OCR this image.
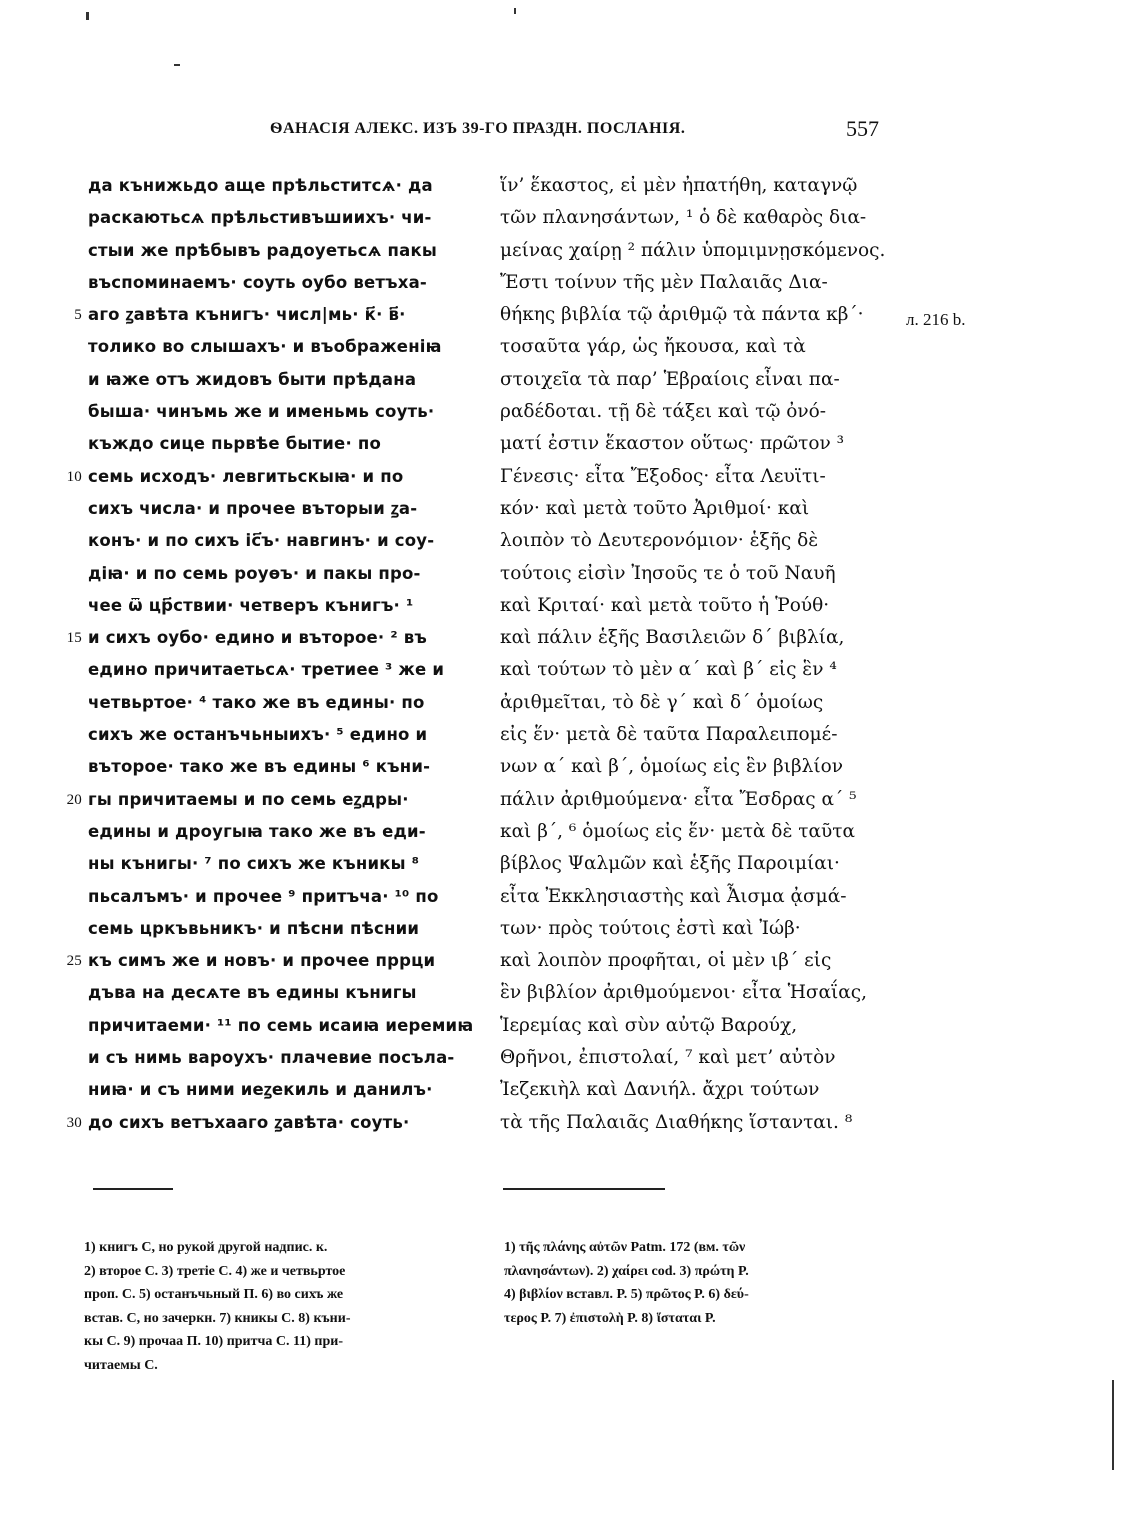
ѲАНАСІЯ АЛЕКС. ИЗЪ 39-ГО ПРАЗДН. ПОСЛАНІЯ.	557
да кънижьдо аще прѣльститсѧ· да
раскаютьсѧ прѣльстивъшиихъ· чи-
стыи же прѣбывъ радоуетьсѧ пакы
въспоминаемъ· соуть оубо ветъха-
5 аго ꙁавѣта кънигъ· числ|мь· к҃· в҃·
толико во слышахъ· и въображеніꙗ
и ꙗже отъ жидовъ быти прѣдана
быша· чинъмь же и именьмь соуть·
къждо сице пьрвѣе бытие· по
10 семь исходъ· левгитьскыꙗ· и по
сихъ числа· и прочее въторыи ꙁа-
конъ· и по сихъ іс҃ъ· навгинъ· и соу-
діꙗ· и по семь роуѳъ· и пакы про-
чее ѿ цр҃ствии· четверъ кънигъ· ¹
15 и сихъ оубо· едино и въторое· ² въ
едино причитаетьсѧ· третиее ³ же и
четвьртое· ⁴ тако же въ едины· по
сихъ же останъчьныихъ· ⁵ едино и
въторое· тако же въ едины ⁶ къни-
20 гы причитаемы и по семь еꙁдры·
едины и дроугыꙗ тако же въ еди-
ны кънигы· ⁷ по сихъ же къникы ⁸
пьсалъмъ· и прочее ⁹ притъча· ¹⁰ по
семь цркъвьникъ· и пѣсни пѣснии
25 къ симъ же и новъ· и прочее пррци
дъва на десѧте въ едины кънигы
причитаеми· ¹¹ по семь исаиꙗ иеремиꙗ
и съ нимь вароухъ· плачевие посъла-
ниꙗ· и съ ними иеꙁекиль и данилъ·
30 до сихъ ветъхаaго ꙁавѣта· соуть·
ἵν’ ἕκαστος, εἰ μὲν ἠπατήθη, καταγνῷ
τῶν πλανησάντων, ¹ ὁ δὲ καθαρὸς δια-
μείνας χαίρῃ ² πάλιν ὑπομιμνῃσκόμενος.
Ἔστι τοίνυν τῆς μὲν Παλαιᾶς Δια-
θήκης βιβλία τῷ ἀριθμῷ τὰ πάντα κβ´·
τοσαῦτα γάρ, ὡς ἤκουσα, καὶ τὰ
στοιχεῖα τὰ παρ’ Ἑβραίοις εἶναι πα-
ραδέδοται. τῇ δὲ τάξει καὶ τῷ ὀνό-
ματί ἐστιν ἕκαστον οὕτως· πρῶτον ³
Γένεσις· εἶτα Ἔξοδος· εἶτα Λευϊτι-
κόν· καὶ μετὰ τοῦτο Ἀριθμοί· καὶ
λοιπὸν τὸ Δευτερονόμιον· ἑξῆς δὲ
τούτοις εἰσὶν Ἰησοῦς τε ὁ τοῦ Ναυῆ
καὶ Κριταί· καὶ μετὰ τοῦτο ἡ Ῥούθ·
καὶ πάλιν ἑξῆς Βασιλειῶν δ´ βιβλία,
καὶ τούτων τὸ μὲν α´ καὶ β´ εἰς ἓν ⁴
ἀριθμεῖται, τὸ δὲ γ´ καὶ δ´ ὁμοίως
εἰς ἕν· μετὰ δὲ ταῦτα Παραλειπομέ-
νων α´ καὶ β´, ὁμοίως εἰς ἓν βιβλίον
πάλιν ἀριθμούμενα· εἶτα Ἔσδρας α´ ⁵
καὶ β´, ⁶ ὁμοίως εἰς ἕν· μετὰ δὲ ταῦτα
βίβλος Ψαλμῶν καὶ ἑξῆς Παροιμίαι·
εἶτα Ἐκκλησιαστὴς καὶ Ἆισμα ᾀσμά-
των· πρὸς τούτοις ἐστὶ καὶ Ἰώβ·
καὶ λοιπὸν προφῆται, οἱ μὲν ιβ´ εἰς
ἓν βιβλίον ἀριθμούμενοι· εἶτα Ἡσαΐας,
Ἱερεμίας καὶ σὺν αὐτῷ Βαρούχ,
Θρῆνοι, ἐπιστολαί, ⁷ καὶ μετ’ αὐτὸν
Ἰεζεκιὴλ καὶ Δανιήλ. ἄχρι τούτων
τὰ τῆς Παλαιᾶς Διαθήκης ἵστανται. ⁸
л. 216 b.
1) книгъ С, но рукой другой надпис. к.
2) второе С. 3) третіе С. 4) же и четвьртое
проп. С. 5) останъчьный П. 6) во сихъ же
встав. С, но зачеркн. 7) кникы С. 8) къни-
кы С. 9) прочаа П. 10) притча С. 11) при-
читаемы С.
1) τῆς πλάνης αὐτῶν Patm. 172 (вм. τῶν
πλανησάντων). 2) χαίρει cod. 3) πρώτη P.
4) βιβλίον вставл. P. 5) πρῶτος P. 6) δεύ-
τερος P. 7) ἐπιστολὴ P. 8) ἵσταται P.
